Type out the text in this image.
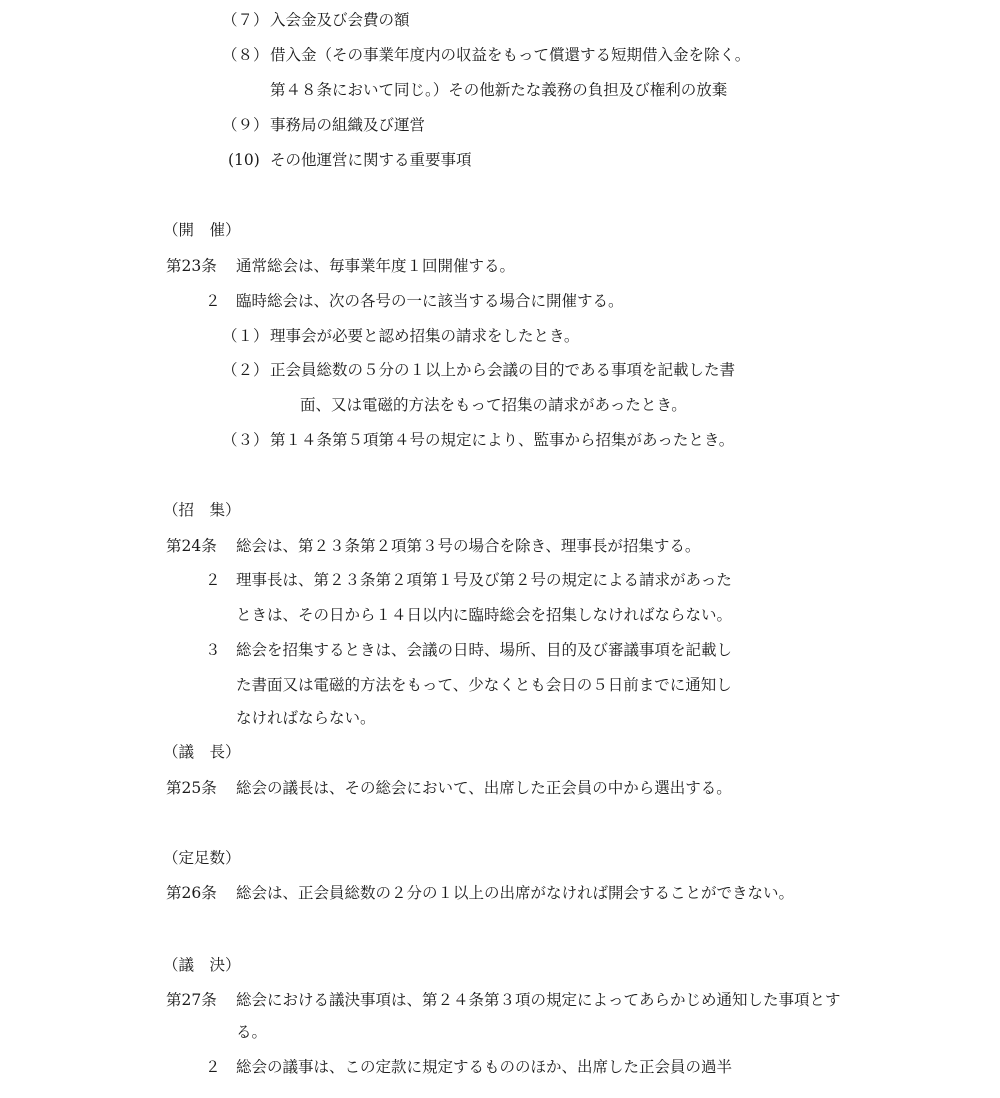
（７） 入会金及び会費の額
（８） 借入金（その事業年度内の収益をもって償還する短期借入金を除く。
第４８条において同じ。）その他新たな義務の負担及び権利の放棄
（９） 事務局の組織及び運営
(10) その他運営に関する重要事項
（開　催）
第23条 通常総会は、毎事業年度１回開催する。
２ 臨時総会は、次の各号の一に該当する場合に開催する。
（１） 理事会が必要と認め招集の請求をしたとき。
（２） 正会員総数の５分の１以上から会議の目的である事項を記載した書
面、又は電磁的方法をもって招集の請求があったとき。
（３） 第１４条第５項第４号の規定により、監事から招集があったとき。
（招　集）
第24条 総会は、第２３条第２項第３号の場合を除き、理事長が招集する。
２ 理事長は、第２３条第２項第１号及び第２号の規定による請求があった
ときは、その日から１４日以内に臨時総会を招集しなければならない。
３ 総会を招集するときは、会議の日時、場所、目的及び審議事項を記載し
た書面又は電磁的方法をもって、少なくとも会日の５日前までに通知し
なければならない。
（議　長）
第25条 総会の議長は、その総会において、出席した正会員の中から選出する。
（定足数）
第26条 総会は、正会員総数の２分の１以上の出席がなければ開会することができない。
（議　決）
第27条 総会における議決事項は、第２４条第３項の規定によってあらかじめ通知した事項とす
る。
２ 総会の議事は、この定款に規定するもののほか、出席した正会員の過半
